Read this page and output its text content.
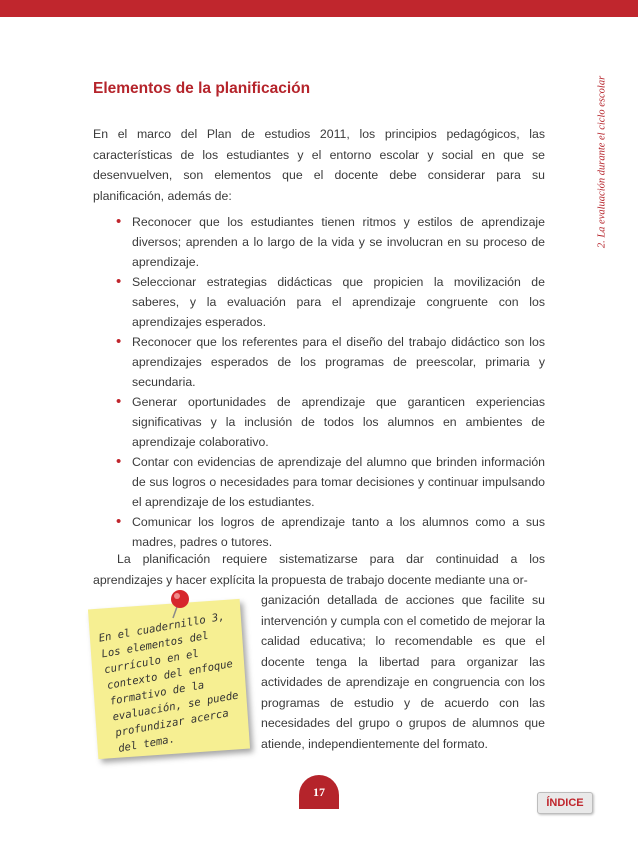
2. La evaluación durante el ciclo escolar
Elementos de la planificación

En el marco del Plan de estudios 2011, los principios pedagógicos, las características de los estudiantes y el entorno escolar y social en que se desenvuelven, son elementos que el docente debe considerar para su planificación, además de:

• Reconocer que los estudiantes tienen ritmos y estilos de aprendizaje diversos; aprenden a lo largo de la vida y se involucran en su proceso de aprendizaje.
• Seleccionar estrategias didácticas que propicien la movilización de saberes, y la evaluación para el aprendizaje congruente con los aprendizajes esperados.
• Reconocer que los referentes para el diseño del trabajo didáctico son los aprendizajes esperados de los programas de preescolar, primaria y secundaria.
• Generar oportunidades de aprendizaje que garanticen experiencias significativas y la inclusión de todos los alumnos en ambientes de aprendizaje colaborativo.
• Contar con evidencias de aprendizaje del alumno que brinden información de sus logros o necesidades para tomar decisiones y continuar impulsando el aprendizaje de los estudiantes.
• Comunicar los logros de aprendizaje tanto a los alumnos como a sus madres, padres o tutores.

La planificación requiere sistematizarse para dar continuidad a los aprendizajes y hacer explícita la propuesta de trabajo docente mediante una or-

ganización detallada de acciones que facilite su intervención y cumpla con el cometido de mejorar la calidad educativa; lo recomendable es que el docente tenga la libertad para organizar las actividades de aprendizaje en congruencia con los programas de estudio y de acuerdo con las necesidades del grupo o grupos de alumnos que atiende, independientemente del formato.

En el cuadernillo 3,
Los elementos del
currículo en el
contexto del enfoque
formativo de la
evaluación, se puede
profundizar acerca
del tema.
17
ÍNDICE
